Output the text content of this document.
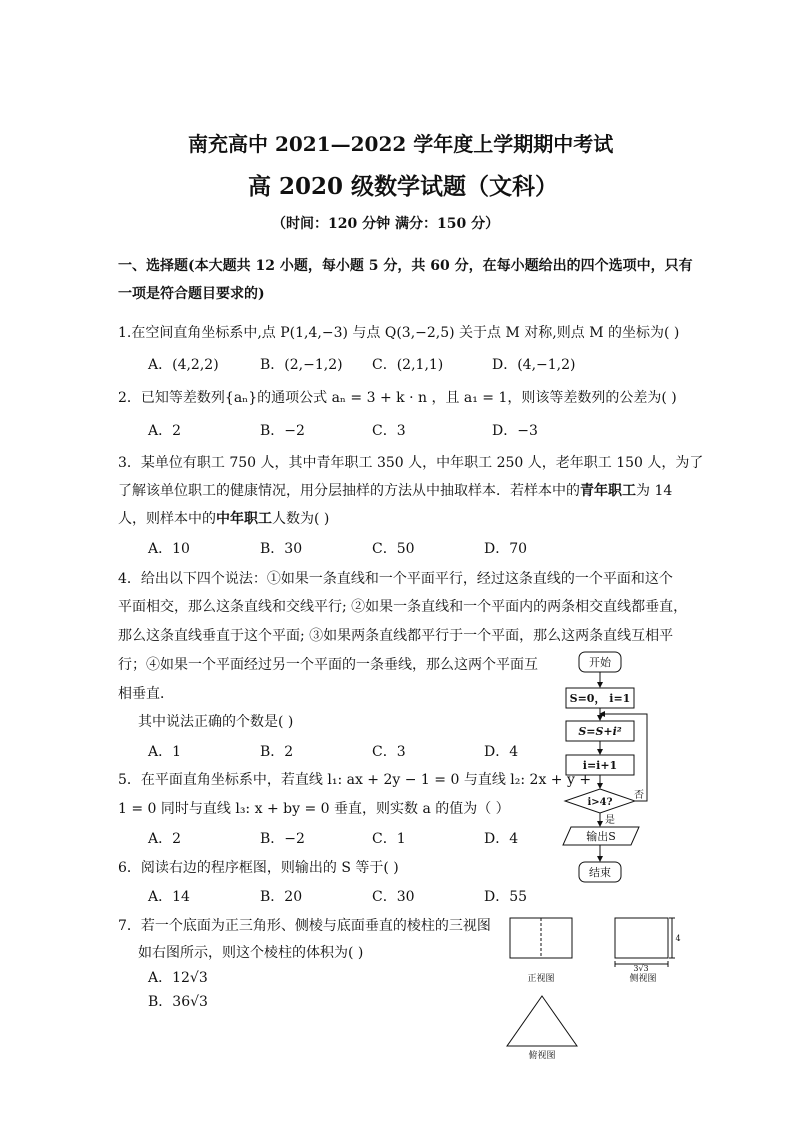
南充高中 2021—2022 学年度上学期期中考试
高 2020 级数学试题（文科）
（时间：120 分钟 满分：150 分）
一、选择题(本大题共 12 小题，每小题 5 分，共 60 分，在每小题给出的四个选项中，只有
一项是符合题目要求的)
1.在空间直角坐标系中,点 P(1,4,−3) 与点 Q(3,−2,5) 关于点 M 对称,则点 M 的坐标为( )
A．(4,2,2)	B．(2,−1,2) C．(2,1,1)	D．(4,−1,2)
2．已知等差数列{aₙ}的通项公式 aₙ = 3 + k · n ，且 a₁ = 1，则该等差数列的公差为( )
A．2	B．−2	C．3	D．−3
3．某单位有职工 750 人，其中青年职工 350 人，中年职工 250 人，老年职工 150 人，为了
了解该单位职工的健康情况，用分层抽样的方法从中抽取样本．若样本中的青年职工为 14
人，则样本中的中年职工人数为( )
A．10	B．30	C．50	D．70
4．给出以下四个说法：①如果一条直线和一个平面平行，经过这条直线的一个平面和这个
平面相交，那么这条直线和交线平行; ②如果一条直线和一个平面内的两条相交直线都垂直，
那么这条直线垂直于这个平面; ③如果两条直线都平行于一个平面，那么这两条直线互相平
行；④如果一个平面经过另一个平面的一条垂线，那么这两个平面互
相垂直．
其中说法正确的个数是( )
A．1	B．2	C．3	D．4
5．在平面直角坐标系中，若直线 l₁: ax + 2y − 1 = 0 与直线 l₂: 2x + y +
1 = 0 同时与直线 l₃: x + by = 0 垂直，则实数 a 的值为（ ）
A．2	B．−2	C．1	D．4
6．阅读右边的程序框图，则输出的 S 等于( )
A．14	B．20	C．30	D．55
7．若一个底面为正三角形、侧棱与底面垂直的棱柱的三视图
如右图所示，则这个棱柱的体积为( )
A．12√3
B．36√3
开始
S=0， i=1
S=S+i²
i=i+1
i>4?
否
是
输出S
结束
正视图	侧视图
俯视图
4
3√3
